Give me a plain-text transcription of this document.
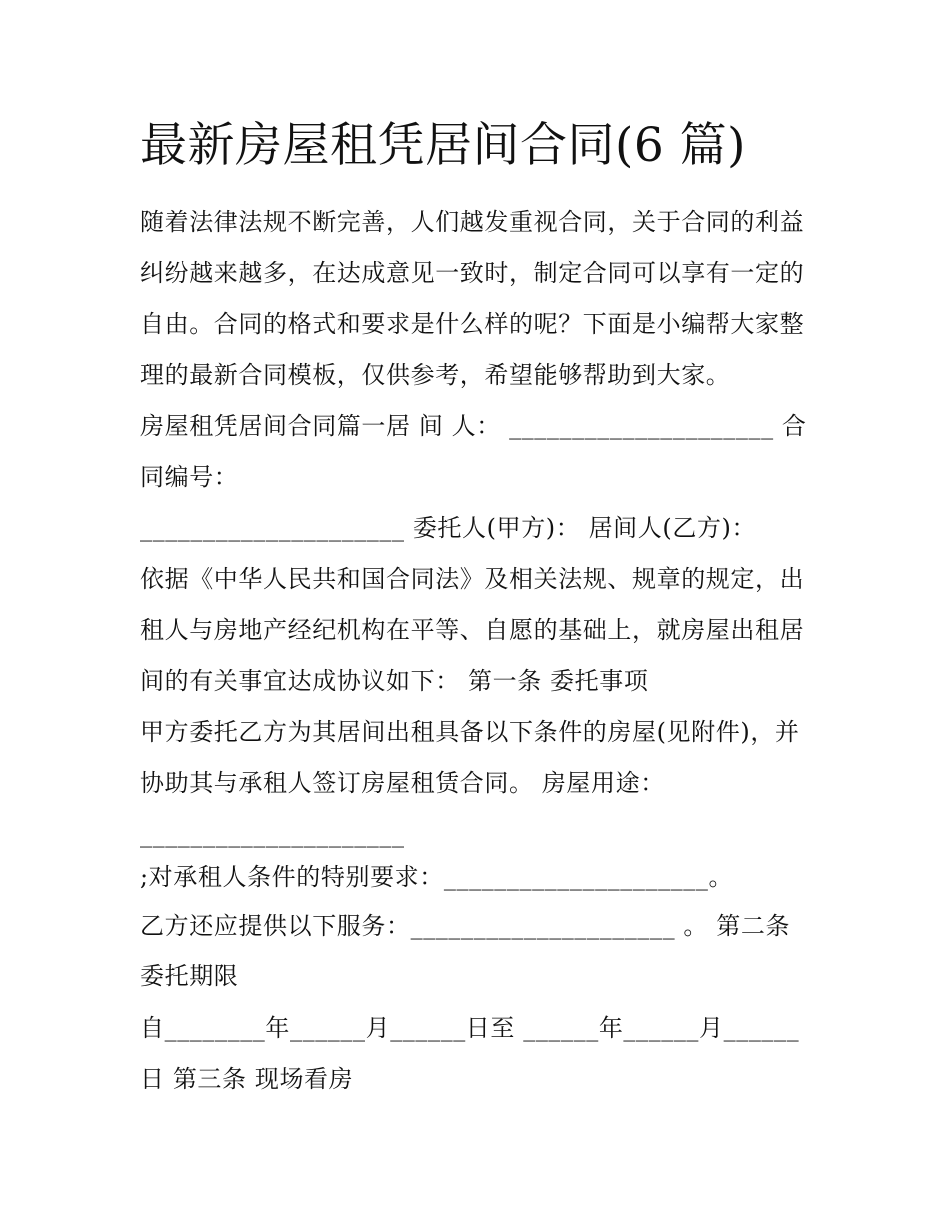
最新房屋租凭居间合同(6 篇)
随着法律法规不断完善，人们越发重视合同，关于合同的利益
纠纷越来越多，在达成意见一致时，制定合同可以享有一定的
自由。合同的格式和要求是什么样的呢？下面是小编帮大家整
理的最新合同模板，仅供参考，希望能够帮助到大家。
房屋租凭居间合同篇一居 间 人： _____________________ 合
同编号：
_____________________ 委托人(甲方)： 居间人(乙方)：
依据《中华人民共和国合同法》及相关法规、规章的规定，出
租人与房地产经纪机构在平等、自愿的基础上，就房屋出租居
间的有关事宜达成协议如下： 第一条 委托事项
甲方委托乙方为其居间出租具备以下条件的房屋(见附件)，并
协助其与承租人签订房屋租赁合同。 房屋用途：
_____________________
;对承租人条件的特别要求：_____________________。
乙方还应提供以下服务：_____________________ 。 第二条
委托期限
自________年______月______日至 ______年______月______
日 第三条 现场看房
